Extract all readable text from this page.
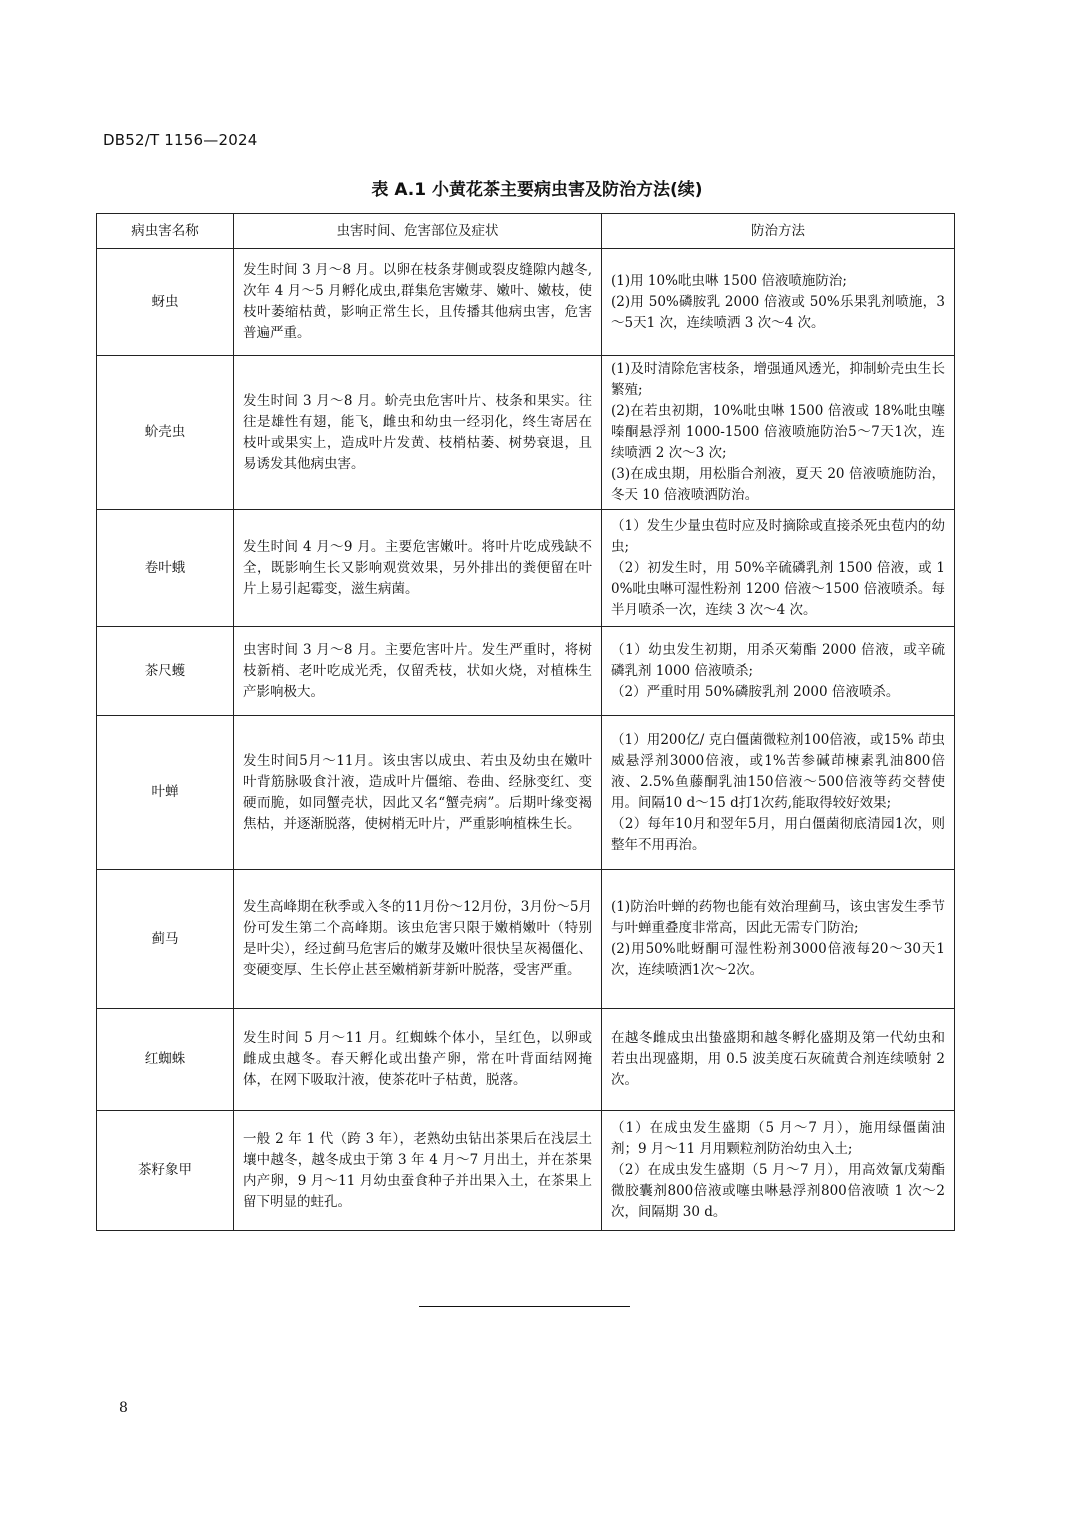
DB52/T 1156—2024
表 A.1 小黄花茶主要病虫害及防治方法(续)
病虫害名称	虫害时间、危害部位及症状	防治方法
蚜虫	发生时间 3 月～8 月。以卵在枝条芽侧或裂皮缝隙内越冬,次年 4 月～5 月孵化成虫,群集危害嫩芽、嫩叶、嫩枝，使枝叶萎缩枯黄，影响正常生长，且传播其他病虫害，危害普遍严重。	(1)用 10%吡虫啉 1500 倍液喷施防治;
(2)用 50%磷胺乳 2000 倍液或 50%乐果乳剂喷施，3～5天1 次，连续喷洒 3 次～4 次。

蚧壳虫	发生时间 3 月～8 月。蚧壳虫危害叶片、枝条和果实。往往是雄性有翅，能飞，雌虫和幼虫一经羽化，终生寄居在枝叶或果实上，造成叶片发黄、枝梢枯萎、树势衰退，且易诱发其他病虫害。	(1)及时清除危害枝条，增强通风透光，抑制蚧壳虫生长繁殖;
(2)在若虫初期，10%吡虫啉 1500 倍液或 18%吡虫噻嗪酮悬浮剂 1000-1500 倍液喷施防治5～7天1次，连续喷洒 2 次～3 次;
(3)在成虫期，用松脂合剂液，夏天 20 倍液喷施防治，冬天 10 倍液喷洒防治。

卷叶蛾	发生时间 4 月～9 月。主要危害嫩叶。将叶片吃成残缺不全，既影响生长又影响观赏效果，另外排出的粪便留在叶片上易引起霉变，滋生病菌。	（1）发生少量虫苞时应及时摘除或直接杀死虫苞内的幼虫;
（2）初发生时，用 50%辛硫磷乳剂 1500 倍液，或 10%吡虫啉可湿性粉剂 1200 倍液～1500 倍液喷杀。每半月喷杀一次，连续 3 次～4 次。

茶尺蠖	虫害时间 3 月～8 月。主要危害叶片。发生严重时，将树枝新梢、老叶吃成光秃，仅留秃枝，状如火烧，对植株生产影响极大。	（1）幼虫发生初期，用杀灭菊酯 2000 倍液，或辛硫磷乳剂 1000 倍液喷杀;
（2）严重时用 50%磷胺乳剂 2000 倍液喷杀。

叶蝉	发生时间5月～11月。该虫害以成虫、若虫及幼虫在嫩叶叶背筋脉吸食汁液，造成叶片僵缩、卷曲、经脉变红、变硬而脆，如同蟹壳状，因此又名“蟹壳病”。后期叶缘变褐焦枯，并逐渐脱落，使树梢无叶片，严重影响植株生长。	（1）用200亿/ 克白僵菌微粒剂100倍液，或15% 茚虫威悬浮剂3000倍液，或1%苦参碱茚楝素乳油800倍液、2.5%鱼藤酮乳油150倍液～500倍液等药交替使用。间隔10 d～15 d打1次药,能取得较好效果;
（2）每年10月和翌年5月，用白僵菌彻底清园1次，则整年不用再治。

蓟马	发生高峰期在秋季或入冬的11月份～12月份，3月份～5月份可发生第二个高峰期。该虫危害只限于嫩梢嫩叶（特别是叶尖），经过蓟马危害后的嫩芽及嫩叶很快呈灰褐僵化、变硬变厚、生长停止甚至嫩梢新芽新叶脱落，受害严重。	(1)防治叶蝉的药物也能有效治理蓟马，该虫害发生季节与叶蝉重叠度非常高，因此无需专门防治;
(2)用50%吡蚜酮可湿性粉剂3000倍液每20～30天1次，连续喷洒1次～2次。

红蜘蛛	发生时间 5 月～11 月。红蜘蛛个体小，呈红色，以卵或雌成虫越冬。春天孵化或出蛰产卵，常在叶背面结网掩体，在网下吸取汁液，使茶花叶子枯黄，脱落。	在越冬雌成虫出蛰盛期和越冬孵化盛期及第一代幼虫和若虫出现盛期，用 0.5 波美度石灰硫黄合剂连续喷射 2 次。

茶籽象甲	一般 2 年 1 代（跨 3 年），老熟幼虫钻出茶果后在浅层土壤中越冬，越冬成虫于第 3 年 4 月～7 月出土，并在茶果内产卵，9 月～11 月幼虫蚕食种子并出果入土，在茶果上留下明显的蛀孔。	（1）在成虫发生盛期（5 月～7 月），施用绿僵菌油剂；9 月～11 月用颗粒剂防治幼虫入土;
（2）在成虫发生盛期（5 月～7 月），用高效氰戊菊酯微胶囊剂800倍液或噻虫啉悬浮剂800倍液喷 1 次～2 次，间隔期 30 d。
8
